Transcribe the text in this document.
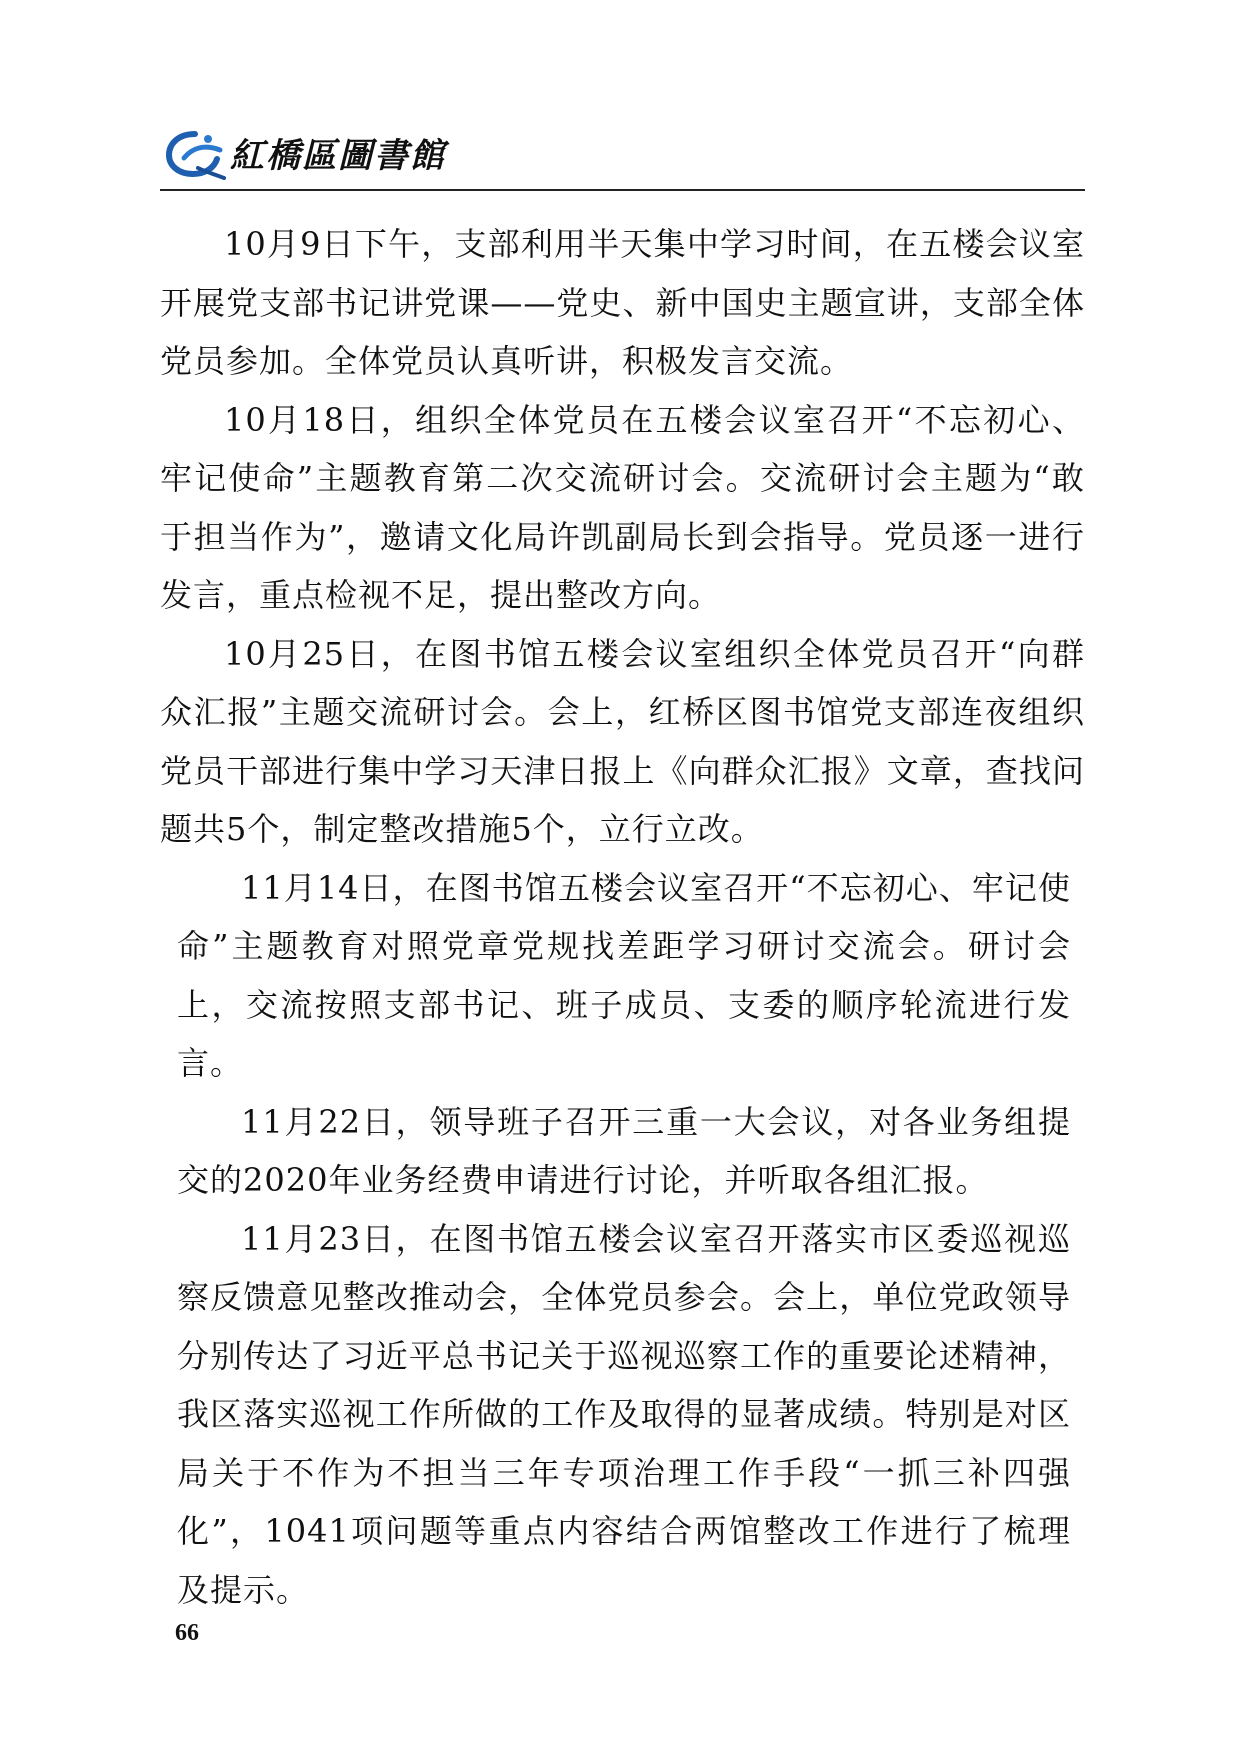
紅橋區圖書館

10月9日下午，支部利用半天集中学习时间，在五楼会议室开展党支部书记讲党课——党史、新中国史主题宣讲，支部全体党员参加。全体党员认真听讲，积极发言交流。

10月18日，组织全体党员在五楼会议室召开“不忘初心、牢记使命”主题教育第二次交流研讨会。交流研讨会主题为“敢于担当作为”，邀请文化局许凯副局长到会指导。党员逐一进行发言，重点检视不足，提出整改方向。

10月25日，在图书馆五楼会议室组织全体党员召开“向群众汇报”主题交流研讨会。会上，红桥区图书馆党支部连夜组织党员干部进行集中学习天津日报上《向群众汇报》文章，查找问题共5个，制定整改措施5个，立行立改。

11月14日，在图书馆五楼会议室召开“不忘初心、牢记使命”主题教育对照党章党规找差距学习研讨交流会。研讨会上，交流按照支部书记、班子成员、支委的顺序轮流进行发言。

11月22日，领导班子召开三重一大会议，对各业务组提交的2020年业务经费申请进行讨论，并听取各组汇报。

11月23日，在图书馆五楼会议室召开落实市区委巡视巡察反馈意见整改推动会，全体党员参会。会上，单位党政领导分别传达了习近平总书记关于巡视巡察工作的重要论述精神，我区落实巡视工作所做的工作及取得的显著成绩。特别是对区局关于不作为不担当三年专项治理工作手段“一抓三补四强化”，1041项问题等重点内容结合两馆整改工作进行了梳理及提示。

66
